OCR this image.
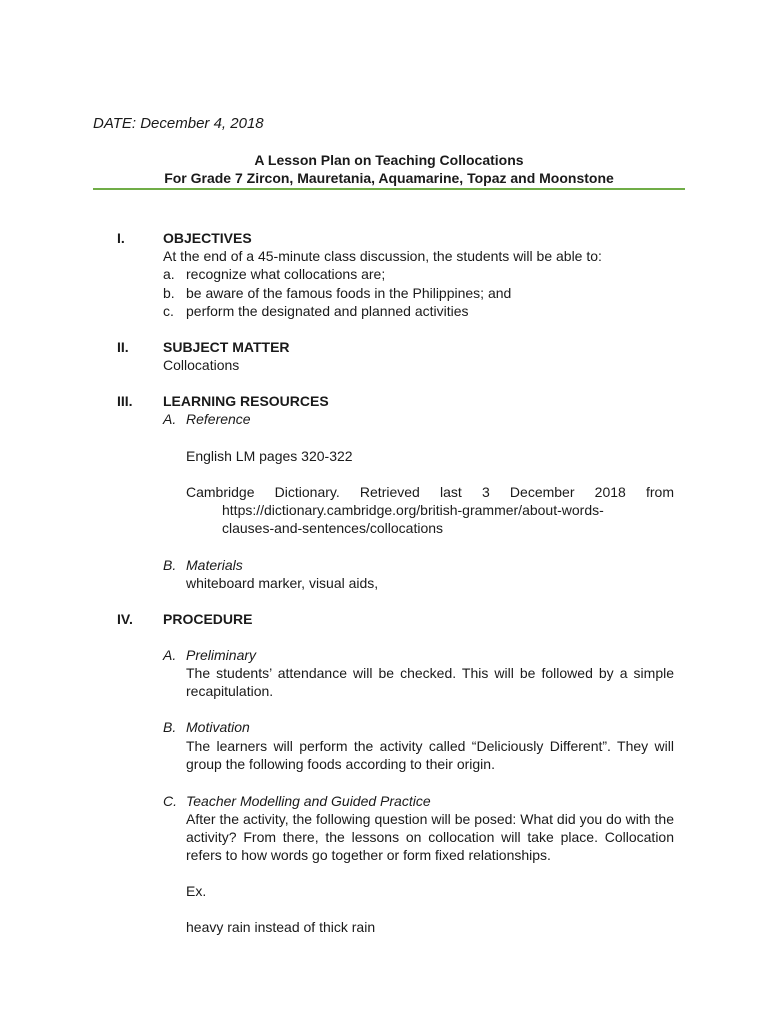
DATE: December 4, 2018
A Lesson Plan on Teaching Collocations
For Grade 7 Zircon, Mauretania, Aquamarine, Topaz and Moonstone
I.	OBJECTIVES
At the end of a 45-minute class discussion, the students will be able to:
a. recognize what collocations are;
b. be aware of the famous foods in the Philippines; and
c. perform the designated and planned activities
II. SUBJECT MATTER
Collocations
III. LEARNING RESOURCES
A. Reference
English LM pages 320-322
Cambridge Dictionary. Retrieved last 3 December 2018 from
https://dictionary.cambridge.org/british-grammer/about-words-
clauses-and-sentences/collocations
B. Materials
whiteboard marker, visual aids,
IV. PROCEDURE
A. Preliminary
The students’ attendance will be checked. This will be followed by a simple recapitulation.
B. Motivation
The learners will perform the activity called “Deliciously Different”. They will group the following foods according to their origin.
C. Teacher Modelling and Guided Practice
After the activity, the following question will be posed: What did you do with the activity? From there, the lessons on collocation will take place. Collocation refers to how words go together or form fixed relationships.
Ex.
heavy rain instead of thick rain
